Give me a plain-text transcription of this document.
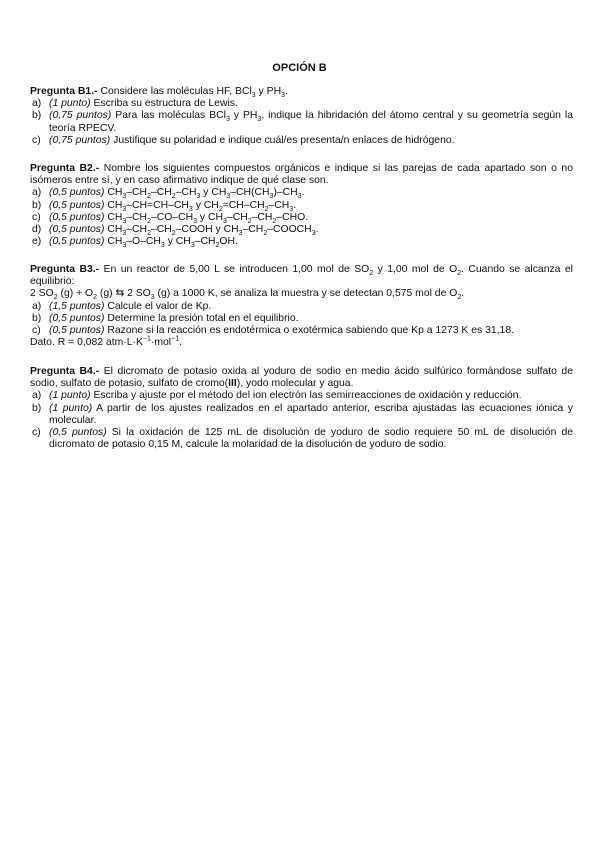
OPCIÓN B

Pregunta B1.- Considere las moléculas HF, BCl$_3$ y $PH_3$.

a) (1 punto) Escriba su estructura de Lewis.
b) (0,75 puntos) Para las moléculas BCl$_3$ y $PH_3$, indique la hibridación del átomo central y su geometría según la teoría RPECV.
c) (0,75 puntos) Justifique su polaridad e indique cuál/es presenta/n enlaces de hidrógeno.

Pregunta B2.- Nombre los siguientes compuestos orgánicos e indique si las parejas de cada apartado son o no isómeros entre sí, y en caso afirmativo indique de qué clase son.

a) (0,5 puntos) $CH_3-CH_2-CH_2-CH_3$ y $CH_3-CH(CH_3)-CH_3$.
b) (0,5 puntos) $CH_3-CH=CH-CH_3$ y $CH_2=CH-CH_2-CH_3$.
c) (0,5 puntos) $CH_3-CH_2-CO-CH_3$ y $CH_3-CH_2-CH_2$–CHO.
d) (0,5 puntos) $CH_3-CH_2-CH_2$–COOH y $CH_3-CH_2-COOCH_3$.
e) (0,5 puntos) $CH_3-O-CH_3$ y $CH_3-CH_2OH$.

Pregunta B3.- En un reactor de 5,00 L se introducen 1,00 mol de $SO_2$ y 1,00 mol de $O_2$. Cuando se alcanza el equilibrio:

2 $SO_2$ $(g) + O_2$ (g) ⇆ 2 $SO_3$ (g) a 1000 K, se analiza la muestra y se detectan 0,575 mol de $O_2$.

a) (1,5 puntos) Calcule el valor de Kp.
b) (0,5 puntos) Determine la presión total en el equilibrio.
c) (0,5 puntos) Razone si la reacción es endotérmica o exotérmica sabiendo que Kp a 1273 K es 31,18.

Dato. R = 0,082 $atm\cdot L\cdot K^{-1}\cdot mol^{-1}$.

Pregunta B4.- El dicromato de potasio oxida al yoduro de sodio en medio ácido sulfúrico formándose sulfato de sodio, sulfato de potasio, sulfato de cromo(III), yodo molecular y agua.

a) (1 punto) Escriba y ajuste por el método del ion electrón las semirreacciones de oxidación y reducción.
b) (1 punto) A partir de los ajustes realizados en el apartado anterior, escriba ajustadas las ecuaciones iónica y molecular.
c) (0,5 puntos) Si la oxidación de 125 mL de disolución de yoduro de sodio requiere 50 mL de disolución de dicromato de potasio 0,15 M, calcule la molaridad de la disolución de yoduro de sodio.
